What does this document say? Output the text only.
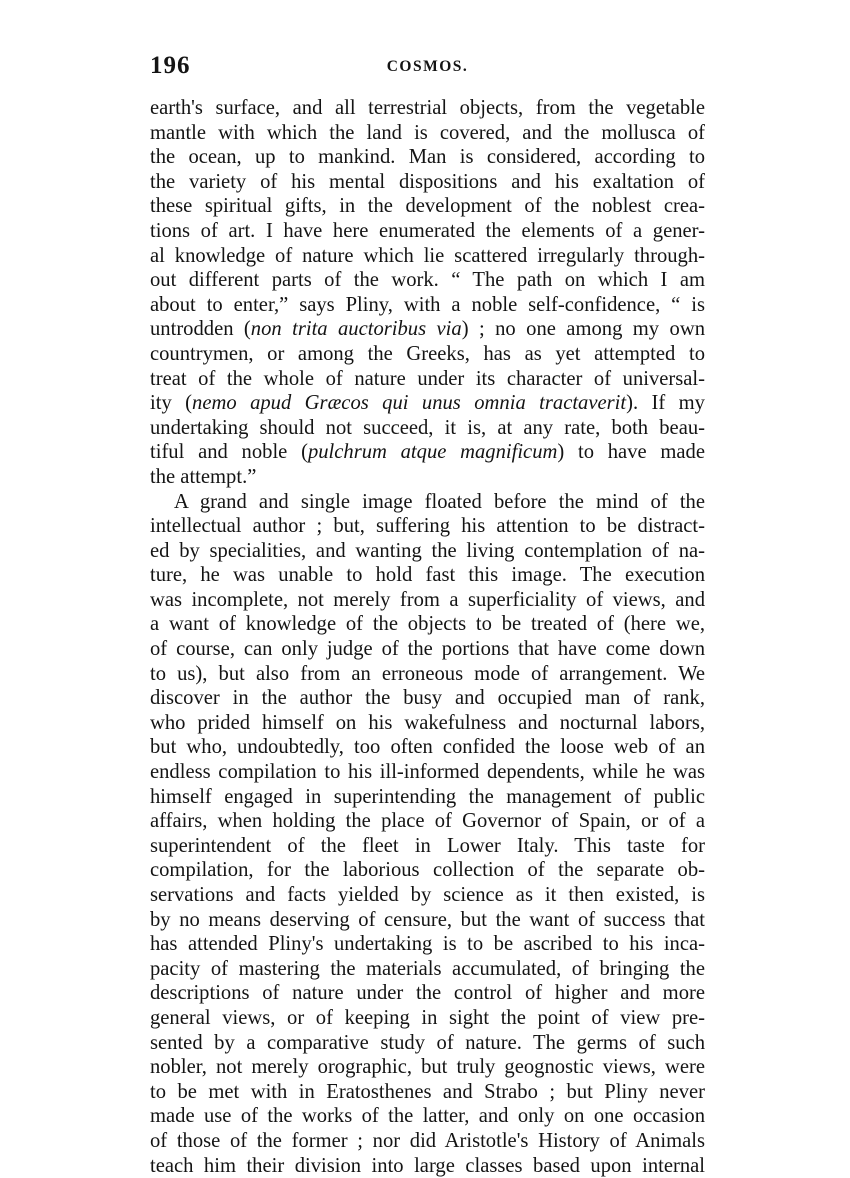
196	COSMOS.
earth's surface, and all terrestrial objects, from the vegetable
mantle with which the land is covered, and the mollusca of
the ocean, up to mankind. Man is considered, according to
the variety of his mental dispositions and his exaltation of
these spiritual gifts, in the development of the noblest crea-
tions of art. I have here enumerated the elements of a gener-
al knowledge of nature which lie scattered irregularly through-
out different parts of the work. “ The path on which I am
about to enter,” says Pliny, with a noble self-confidence, “ is
untrodden (non trita auctoribus via) ; no one among my own
countrymen, or among the Greeks, has as yet attempted to
treat of the whole of nature under its character of universal-
ity (nemo apud Græcos qui unus omnia tractaverit). If my
undertaking should not succeed, it is, at any rate, both beau-
tiful and noble (pulchrum atque magnificum) to have made
the attempt.”
A grand and single image floated before the mind of the
intellectual author ; but, suffering his attention to be distract-
ed by specialities, and wanting the living contemplation of na-
ture, he was unable to hold fast this image. The execution
was incomplete, not merely from a superficiality of views, and
a want of knowledge of the objects to be treated of (here we,
of course, can only judge of the portions that have come down
to us), but also from an erroneous mode of arrangement. We
discover in the author the busy and occupied man of rank,
who prided himself on his wakefulness and nocturnal labors,
but who, undoubtedly, too often confided the loose web of an
endless compilation to his ill-informed dependents, while he was
himself engaged in superintending the management of public
affairs, when holding the place of Governor of Spain, or of a
superintendent of the fleet in Lower Italy. This taste for
compilation, for the laborious collection of the separate ob-
servations and facts yielded by science as it then existed, is
by no means deserving of censure, but the want of success that
has attended Pliny's undertaking is to be ascribed to his inca-
pacity of mastering the materials accumulated, of bringing the
descriptions of nature under the control of higher and more
general views, or of keeping in sight the point of view pre-
sented by a comparative study of nature. The germs of such
nobler, not merely orographic, but truly geognostic views, were
to be met with in Eratosthenes and Strabo ; but Pliny never
made use of the works of the latter, and only on one occasion
of those of the former ; nor did Aristotle's History of Animals
teach him their division into large classes based upon internal
